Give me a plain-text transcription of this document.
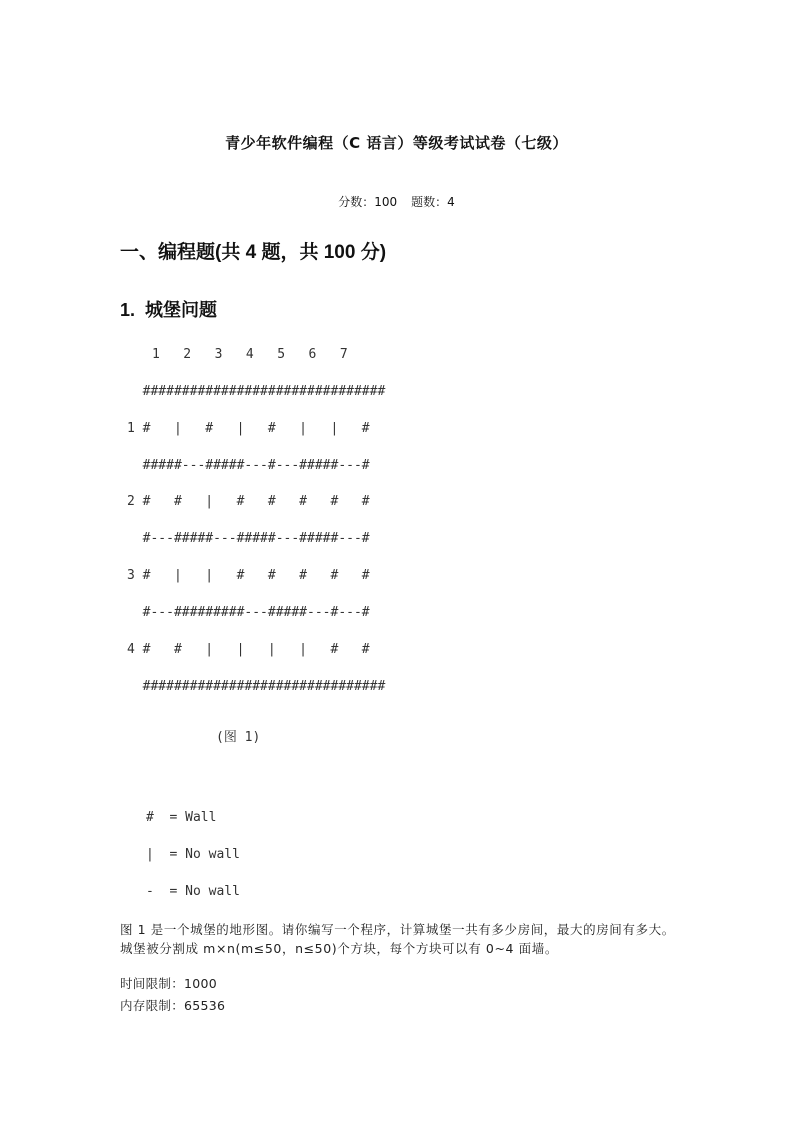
青少年软件编程（C 语言）等级考试试卷（七级）
分数：100 题数：4
一、编程题(共 4 题，共 100 分)
1. 城堡问题
1   2   3   4   5   6   7
###############################
1 #   |   #   |   #   |   |   #
#####---#####---#---#####---#
2 #   #   |   #   #   #   #   #
#---#####---#####---#####---#
3 #   |   |   #   #   #   #   #
#---#########---#####---#---#
4 #   #   |   |   |   |   #   #
###############################
(图 1)
#  = Wall
|  = No wall
-  = No wall
图 1 是一个城堡的地形图。请你编写一个程序，计算城堡一共有多少房间，最大的房间有多大。城堡被分割成 m×n(m≤50，n≤50)个方块，每个方块可以有 0~4 面墙。
时间限制：1000
内存限制：65536
